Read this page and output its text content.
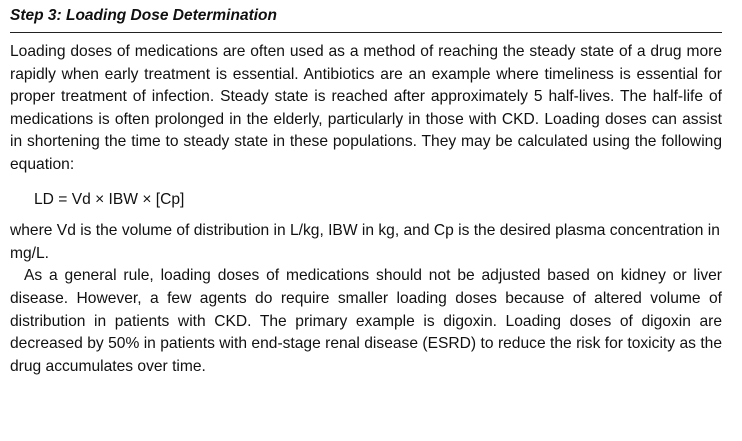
Step 3: Loading Dose Determination

Loading doses of medications are often used as a method of reaching the steady state of a drug more rapidly when early treatment is essential. Antibiotics are an example where timeliness is essential for proper treatment of infection. Steady state is reached after approximately 5 half-lives. The half-life of medications is often prolonged in the elderly, particularly in those with CKD. Loading doses can assist in shortening the time to steady state in these populations. They may be calculated using the following equation:

LD = Vd × IBW × [Cp]

where Vd is the volume of distribution in L/kg, IBW in kg, and Cp is the desired plasma concentration in mg/L.

As a general rule, loading doses of medications should not be adjusted based on kidney or liver disease. However, a few agents do require smaller loading doses because of altered volume of distribution in patients with CKD. The primary example is digoxin. Loading doses of digoxin are decreased by 50% in patients with end-stage renal disease (ESRD) to reduce the risk for toxicity as the drug accumulates over time.
